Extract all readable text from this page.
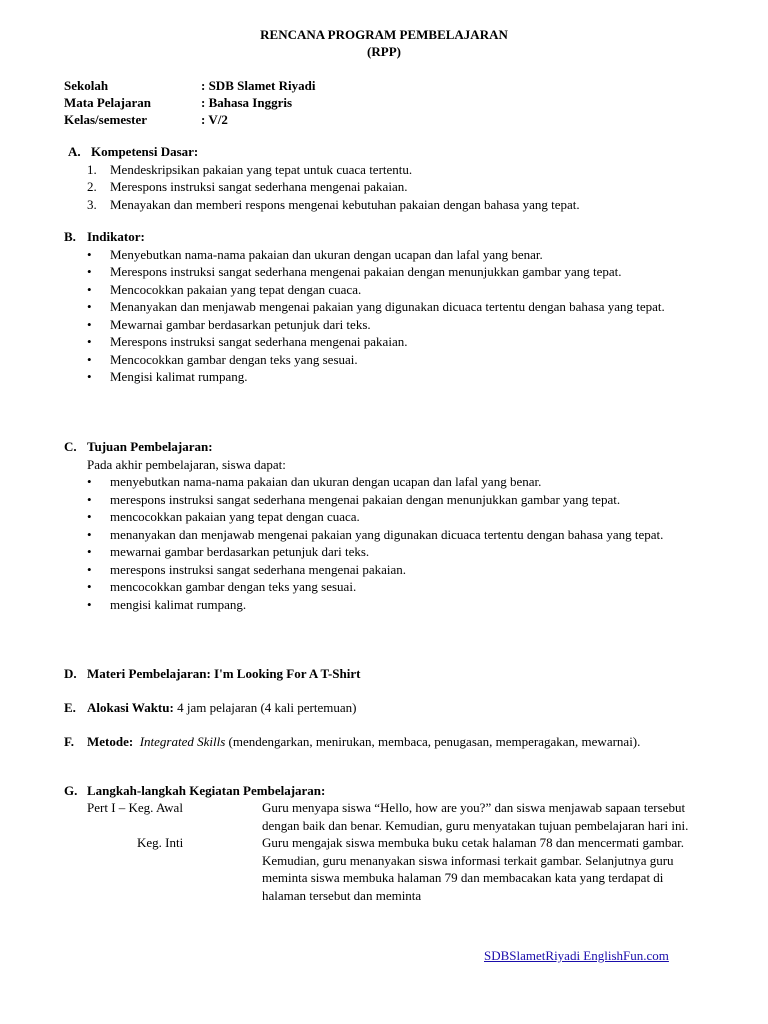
RENCANA PROGRAM PEMBELAJARAN
(RPP)
Sekolah	: SDB Slamet Riyadi
Mata Pelajaran	: Bahasa Inggris
Kelas/semester	: V/2
A. Kompetensi Dasar:
1. Mendeskripsikan pakaian yang tepat untuk cuaca tertentu.
2. Merespons instruksi sangat sederhana mengenai pakaian.
3. Menayakan dan memberi respons mengenai kebutuhan pakaian dengan bahasa yang tepat.
B. Indikator:
• Menyebutkan nama-nama pakaian dan ukuran dengan ucapan dan lafal yang benar.
• Merespons instruksi sangat sederhana mengenai pakaian dengan menunjukkan gambar yang tepat.
• Mencocokkan pakaian yang tepat dengan cuaca.
• Menanyakan dan menjawab mengenai pakaian yang digunakan dicuaca tertentu dengan bahasa yang tepat.
• Mewarnai gambar berdasarkan petunjuk dari teks.
• Merespons instruksi sangat sederhana mengenai pakaian.
• Mencocokkan gambar dengan teks yang sesuai.
• Mengisi kalimat rumpang.
C. Tujuan Pembelajaran:
Pada akhir pembelajaran, siswa dapat:
• menyebutkan nama-nama pakaian dan ukuran dengan ucapan dan lafal yang benar.
• merespons instruksi sangat sederhana mengenai pakaian dengan menunjukkan gambar yang tepat.
• mencocokkan pakaian yang tepat dengan cuaca.
• menanyakan dan menjawab mengenai pakaian yang digunakan dicuaca tertentu dengan bahasa yang tepat.
• mewarnai gambar berdasarkan petunjuk dari teks.
• merespons instruksi sangat sederhana mengenai pakaian.
• mencocokkan gambar dengan teks yang sesuai.
• mengisi kalimat rumpang.
D. Materi Pembelajaran: I'm Looking For A T-Shirt
E. Alokasi Waktu: 4 jam pelajaran (4 kali pertemuan)
F.	Metode: Integrated Skills (mendengarkan, menirukan, membaca, penugasan, memperagakan, mewarnai).
G. Langkah-langkah Kegiatan Pembelajaran:
Pert I – Keg. Awal	Guru menyapa siswa “Hello, how are you?” dan siswa menjawab sapaan tersebut dengan baik dan benar. Kemudian, guru menyatakan tujuan pembelajaran hari ini.
Keg. Inti	Guru mengajak siswa membuka buku cetak halaman 78 dan mencermati gambar. Kemudian, guru menanyakan siswa informasi terkait gambar. Selanjutnya guru meminta siswa membuka halaman 79 dan membacakan kata yang terdapat di halaman tersebut dan meminta
SDBSlametRiyadi EnglishFun.com
